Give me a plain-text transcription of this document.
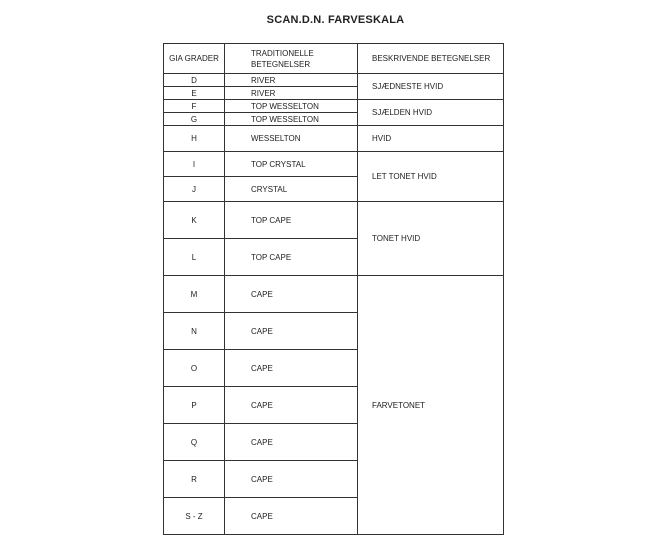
SCAN.D.N. FARVESKALA
GIA GRADER	TRADITIONELLE BETEGNELSER	BESKRIVENDE BETEGNELSER
D	RIVER	SJÆDNESTE HVID
E	RIVER	
F	TOP WESSELTON	SJÆLDEN HVID
G	TOP WESSELTON	
H	WESSELTON	HVID
I	TOP CRYSTAL	LET TONET HVID
J	CRYSTAL	
K	TOP CAPE	TONET HVID
L	TOP CAPE	
M	CAPE	FARVETONET
N	CAPE	
O	CAPE	
P	CAPE	
Q	CAPE	
R	CAPE	
S - Z	CAPE	
